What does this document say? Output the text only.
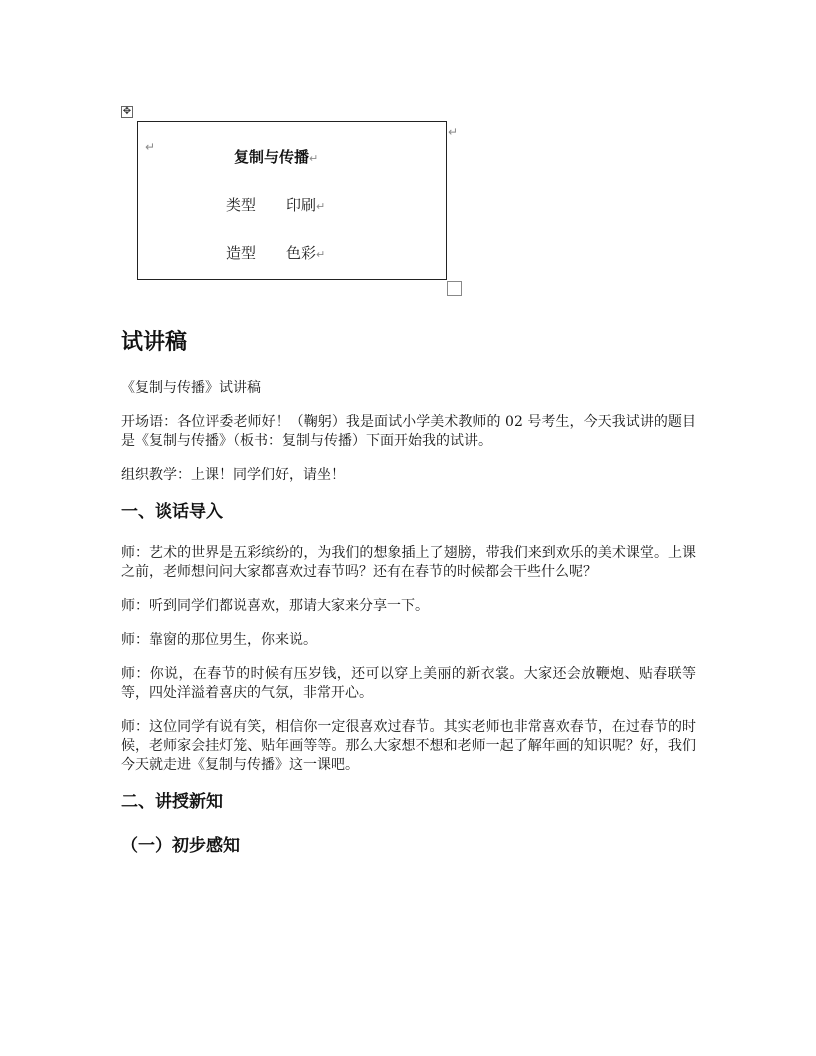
✥
↵
复制与传播↵
类型 印刷↵
造型 色彩↵
↵
试讲稿

《复制与传播》试讲稿

开场语：各位评委老师好！（鞠躬）我是面试小学美术教师的 02 号考生，今天我试讲的题目是《复制与传播》（板书：复制与传播）下面开始我的试讲。

组织教学：上课！同学们好，请坐！

一、谈话导入

师：艺术的世界是五彩缤纷的，为我们的想象插上了翅膀，带我们来到欢乐的美术课堂。上课之前，老师想问问大家都喜欢过春节吗？还有在春节的时候都会干些什么呢？

师：听到同学们都说喜欢，那请大家来分享一下。

师：靠窗的那位男生，你来说。

师：你说，在春节的时候有压岁钱，还可以穿上美丽的新衣裳。大家还会放鞭炮、贴春联等等，四处洋溢着喜庆的气氛，非常开心。

师：这位同学有说有笑，相信你一定很喜欢过春节。其实老师也非常喜欢春节，在过春节的时候，老师家会挂灯笼、贴年画等等。那么大家想不想和老师一起了解年画的知识呢？好，我们今天就走进《复制与传播》这一课吧。

二、讲授新知
（一）初步感知
